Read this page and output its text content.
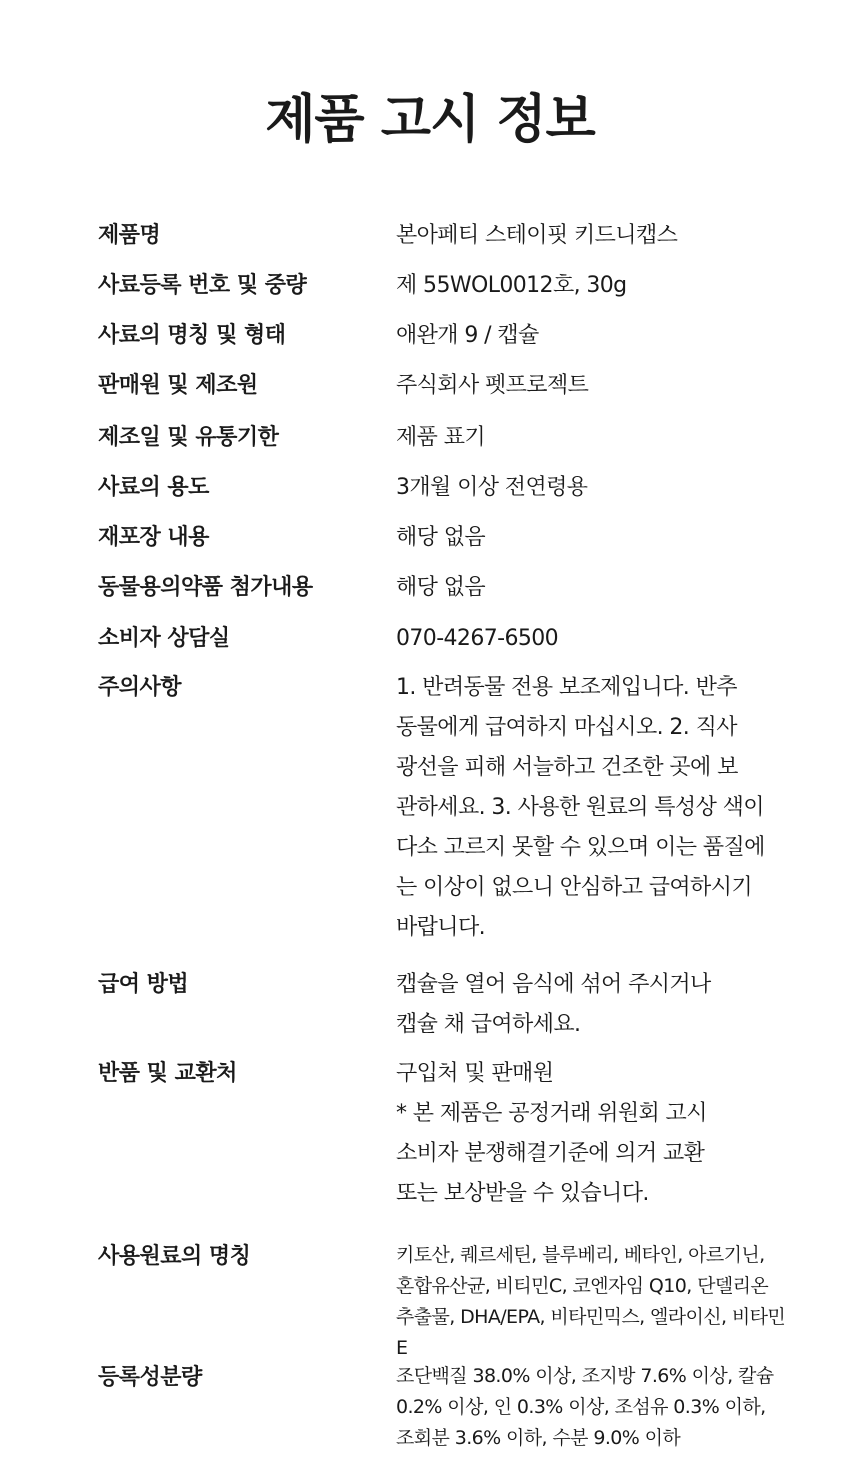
제품 고시 정보
제품명	본아페티 스테이핏 키드니캡스
사료등록 번호 및 중량	제 55WOL0012호, 30g
사료의 명칭 및 형태	애완개 9 / 캡슐
판매원 및 제조원	주식회사 펫프로젝트
제조일 및 유통기한	제품 표기
사료의 용도	3개월 이상 전연령용
재포장 내용	해당 없음
동물용의약품 첨가내용	해당 없음
소비자 상담실	070-4267-6500
주의사항	1. 반려동물 전용 보조제입니다. 반추
동물에게 급여하지 마십시오. 2. 직사
광선을 피해 서늘하고 건조한 곳에 보
관하세요. 3. 사용한 원료의 특성상 색이
다소 고르지 못할 수 있으며 이는 품질에
는 이상이 없으니 안심하고 급여하시기
바랍니다.
급여 방법	캡슐을 열어 음식에 섞어 주시거나
캡슐 채 급여하세요.
반품 및 교환처	구입처 및 판매원
* 본 제품은 공정거래 위원회 고시
소비자 분쟁해결기준에 의거 교환
또는 보상받을 수 있습니다.
사용원료의 명칭	키토산, 퀘르세틴, 블루베리, 베타인, 아르기닌,
혼합유산균, 비티민C, 코엔자임 Q10, 단델리온
추출물, DHA/EPA, 비타민믹스, 엘라이신, 비타민E
등록성분량	조단백질 38.0% 이상, 조지방 7.6% 이상, 칼슘
0.2% 이상, 인 0.3% 이상, 조섬유 0.3% 이하,
조회분 3.6% 이하, 수분 9.0% 이하
